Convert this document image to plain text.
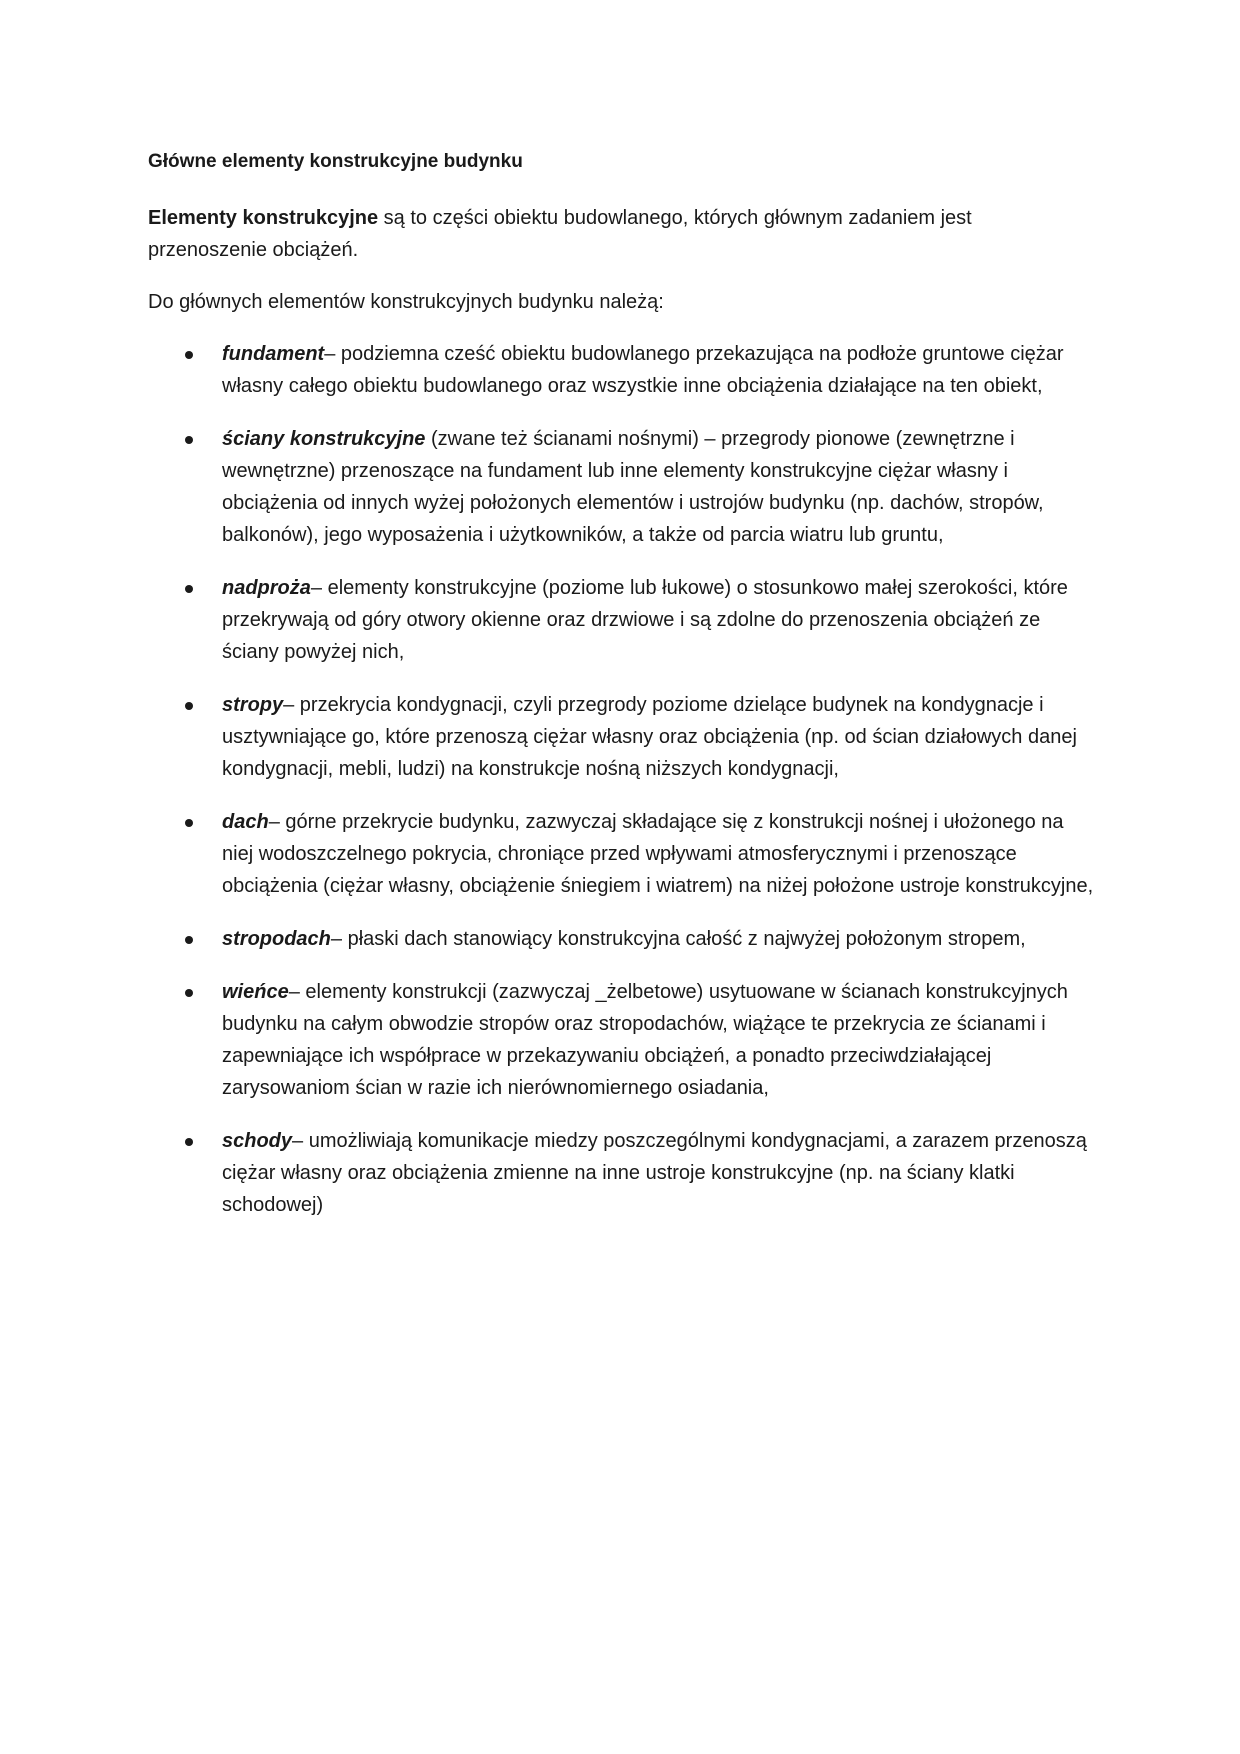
Główne elementy konstrukcyjne budynku

Elementy konstrukcyjne są to części obiektu budowlanego, których głównym zadaniem jest przenoszenie obciążeń.

Do głównych elementów konstrukcyjnych budynku należą:

fundament– podziemna cześć obiektu budowlanego przekazująca na podłoże gruntowe ciężar własny całego obiektu budowlanego oraz wszystkie inne obciążenia działające na ten obiekt,
ściany konstrukcyjne (zwane też ścianami nośnymi) – przegrody pionowe (zewnętrzne i wewnętrzne) przenoszące na fundament lub inne elementy konstrukcyjne ciężar własny i obciążenia od innych wyżej położonych elementów i ustrojów budynku (np. dachów, stropów, balkonów), jego wyposażenia i użytkowników, a także od parcia wiatru lub gruntu,
nadproża– elementy konstrukcyjne (poziome lub łukowe) o stosunkowo małej szerokości, które przekrywają od góry otwory okienne oraz drzwiowe i są zdolne do przenoszenia obciążeń ze ściany powyżej nich,
stropy– przekrycia kondygnacji, czyli przegrody poziome dzielące budynek na kondygnacje i usztywniające go, które przenoszą ciężar własny oraz obciążenia (np. od ścian działowych danej kondygnacji, mebli, ludzi) na konstrukcje nośną niższych kondygnacji,
dach– górne przekrycie budynku, zazwyczaj składające się z konstrukcji nośnej i ułożonego na niej wodoszczelnego pokrycia, chroniące przed wpływami atmosferycznymi i przenoszące obciążenia (ciężar własny, obciążenie śniegiem i wiatrem) na niżej położone ustroje konstrukcyjne,
stropodach– płaski dach stanowiący konstrukcyjna całość z najwyżej położonym stropem,
wieńce– elementy konstrukcji (zazwyczaj _żelbetowe) usytuowane w ścianach konstrukcyjnych budynku na całym obwodzie stropów oraz stropodachów, wiążące te przekrycia ze ścianami i zapewniające ich współprace w przekazywaniu obciążeń, a ponadto przeciwdziałającej zarysowaniom ścian w razie ich nierównomiernego osiadania,
schody– umożliwiają komunikacje miedzy poszczególnymi kondygnacjami, a zarazem przenoszą ciężar własny oraz obciążenia zmienne na inne ustroje konstrukcyjne (np. na ściany klatki schodowej)
